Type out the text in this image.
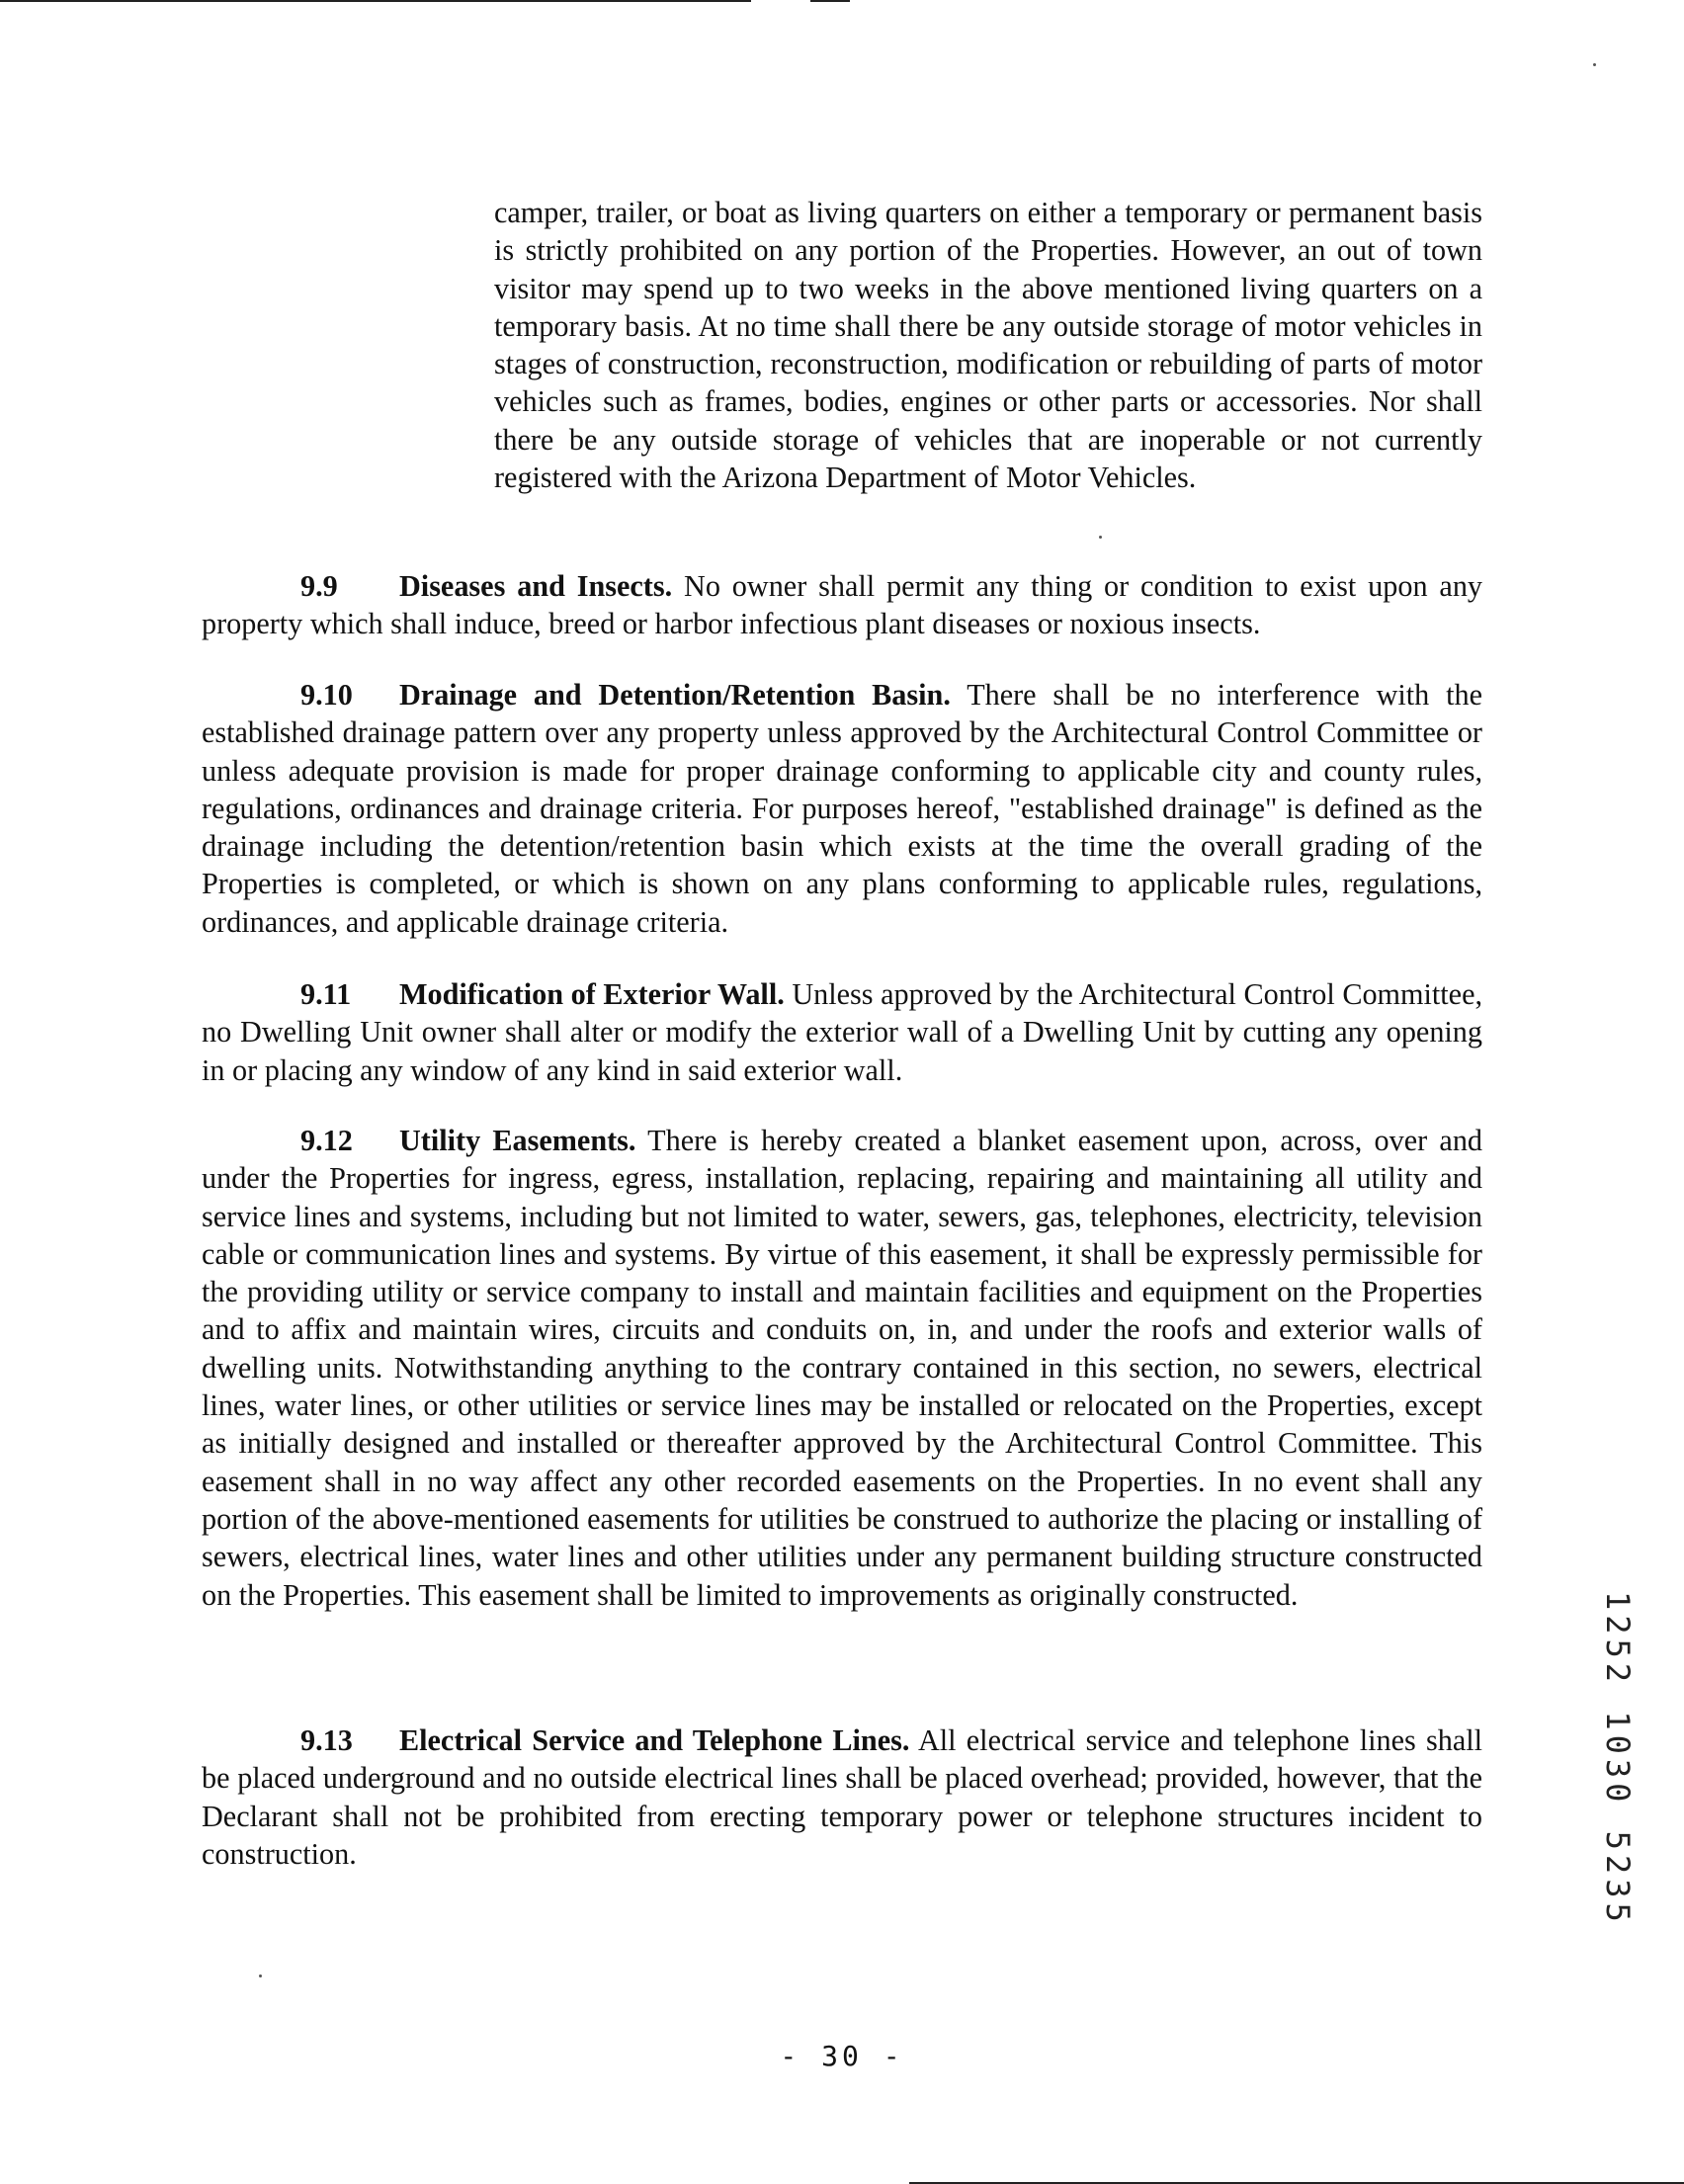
camper, trailer, or boat as living quarters on either a temporary or permanent basis is strictly prohibited on any portion of the Properties. However, an out of town visitor may spend up to two weeks in the above mentioned living quarters on a temporary basis. At no time shall there be any outside storage of motor vehicles in stages of construction, reconstruction, modification or rebuilding of parts of motor vehicles such as frames, bodies, engines or other parts or accessories. Nor shall there be any outside storage of vehicles that are inoperable or not currently registered with the Arizona Department of Motor Vehicles.

9.9 Diseases and Insects. No owner shall permit any thing or condition to exist upon any property which shall induce, breed or harbor infectious plant diseases or noxious insects.

9.10 Drainage and Detention/Retention Basin. There shall be no interference with the established drainage pattern over any property unless approved by the Architectural Control Committee or unless adequate provision is made for proper drainage conforming to applicable city and county rules, regulations, ordinances and drainage criteria. For purposes hereof, "established drainage" is defined as the drainage including the detention/retention basin which exists at the time the overall grading of the Properties is completed, or which is shown on any plans conforming to applicable rules, regulations, ordinances, and applicable drainage criteria.

9.11 Modification of Exterior Wall. Unless approved by the Architectural Control Committee, no Dwelling Unit owner shall alter or modify the exterior wall of a Dwelling Unit by cutting any opening in or placing any window of any kind in said exterior wall.

9.12 Utility Easements. There is hereby created a blanket easement upon, across, over and under the Properties for ingress, egress, installation, replacing, repairing and maintaining all utility and service lines and systems, including but not limited to water, sewers, gas, telephones, electricity, television cable or communication lines and systems. By virtue of this easement, it shall be expressly permissible for the providing utility or service company to install and maintain facilities and equipment on the Properties and to affix and maintain wires, circuits and conduits on, in, and under the roofs and exterior walls of dwelling units. Notwithstanding anything to the contrary contained in this section, no sewers, electrical lines, water lines, or other utilities or service lines may be installed or relocated on the Properties, except as initially designed and installed or thereafter approved by the Architectural Control Committee. This easement shall in no way affect any other recorded easements on the Properties. In no event shall any portion of the above-mentioned easements for utilities be construed to authorize the placing or installing of sewers, electrical lines, water lines and other utilities under any permanent building structure constructed on the Properties. This easement shall be limited to improvements as originally constructed.

9.13 Electrical Service and Telephone Lines. All electrical service and telephone lines shall be placed underground and no outside electrical lines shall be placed overhead; provided, however, that the Declarant shall not be prohibited from erecting temporary power or telephone structures incident to construction.	1252 1030 5235
- 30 -
